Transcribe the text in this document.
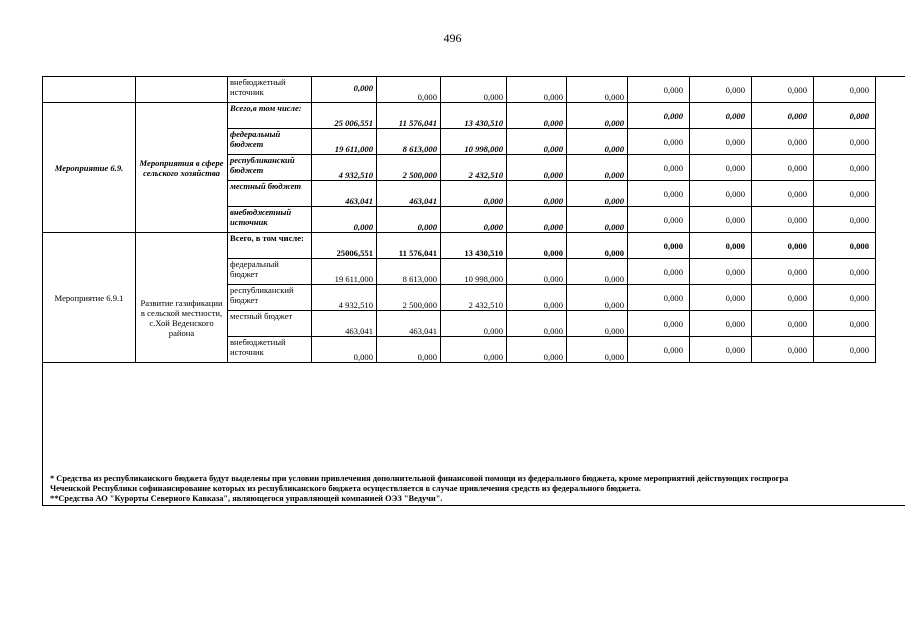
496
		внебюджетный источник	0,000	0,000	0,000	0,000	0,000	0,000	0,000	0,000	0,000
Мероприятие 6.9.	Мероприятия в сфере сельского хозяйства	Всего,в том числе:	25 006,551	11 576,041	13 430,510	0,000	0,000	0,000	0,000	0,000	0,000
		федеральный бюджет	19 611,000	8 613,000	10 998,000	0,000	0,000	0,000	0,000	0,000	0,000
		республиканский бюджет	4 932,510	2 500,000	2 432,510	0,000	0,000	0,000	0,000	0,000	0,000
		местный бюджет	463,041	463,041	0,000	0,000	0,000	0,000	0,000	0,000	0,000
		внебюджетный источник	0,000	0,000	0,000	0,000	0,000	0,000	0,000	0,000	0,000
Мероприятие 6.9.1	Развитие газификации в сельской местности, с.Хой Веденского района	Всего, в том числе:	25006,551	11 576,041	13 430,510	0,000	0,000	0,000	0,000	0,000	0,000
		федеральный бюджет	19 611,000	8 613,000	10 998,000	0,000	0,000	0,000	0,000	0,000	0,000
		республиканский бюджет	4 932,510	2 500,000	2 432,510	0,000	0,000	0,000	0,000	0,000	0,000
		местный бюджет	463,041	463,041	0,000	0,000	0,000	0,000	0,000	0,000	0,000
		внебюджетный источник	0,000	0,000	0,000	0,000	0,000	0,000	0,000	0,000	0,000
* Средства из республиканского бюджета будут выделены при условии привлечения дополнительной финансовой помощи из федерального бюджета, кроме мероприятий действующих госпрогра
Чеченской Республики софинансирование которых из республиканского бюджета осуществляется в случае привлечения средств из федерального бюджета.
**Средства АО "Курорты Северного Кавказа", являющегося управляющей компанией ОЭЗ "Ведучи".
